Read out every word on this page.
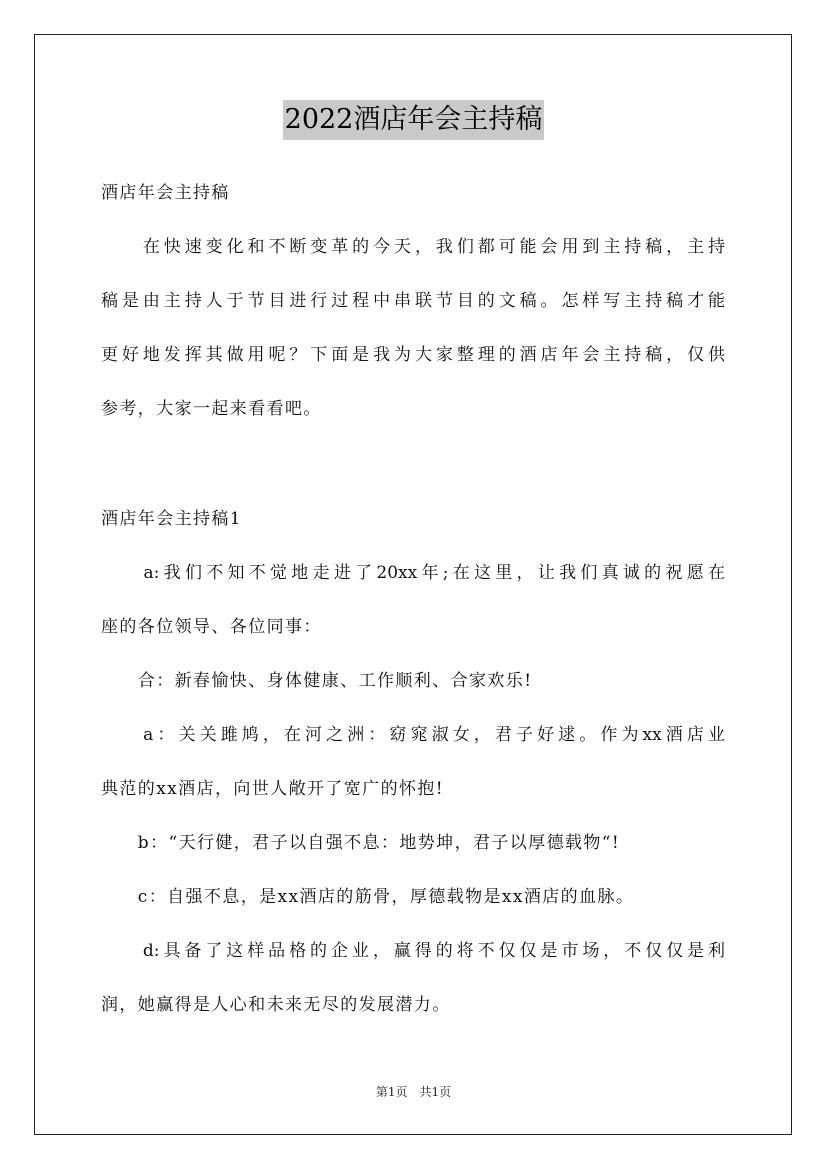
2022酒店年会主持稿
酒店年会主持稿
　　在快速变化和不断变革的今天，我们都可能会用到主持稿，主持
稿是由主持人于节目进行过程中串联节目的文稿。怎样写主持稿才能
更好地发挥其做用呢？下面是我为大家整理的酒店年会主持稿，仅供
参考，大家一起来看看吧。
酒店年会主持稿1
　　a:我们不知不觉地走进了20xx年;在这里，让我们真诚的祝愿在
座的各位领导、各位同事：
　　合：新春愉快、身体健康、工作顺利、合家欢乐!
　　a：关关雎鸠，在河之洲：窈窕淑女，君子好逑。作为xx酒店业
典范的xx酒店，向世人敞开了宽广的怀抱!
　　b：“天行健，君子以自强不息：地势坤，君子以厚德载物“!
　　c：自强不息，是xx酒店的筋骨，厚德载物是xx酒店的血脉。
　　d:具备了这样品格的企业，赢得的将不仅仅是市场，不仅仅是利
润，她赢得是人心和未来无尽的发展潜力。
第1页　共1页
